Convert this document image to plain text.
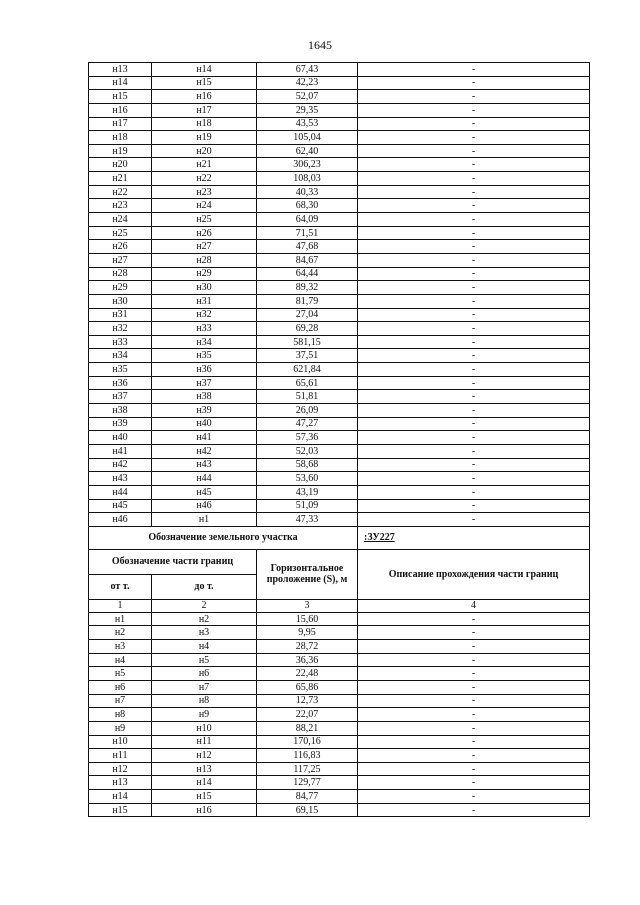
1645
н13	н14	67,43	-
н14	н15	42,23	-
н15	н16	52,07	-
н16	н17	29,35	-
н17	н18	43,53	-
н18	н19	105,04	-
н19	н20	62,40	-
н20	н21	306,23	-
н21	н22	108,03	-
н22	н23	40,33	-
н23	н24	68,30	-
н24	н25	64,09	-
н25	н26	71,51	-
н26	н27	47,68	-
н27	н28	84,67	-
н28	н29	64,44	-
н29	н30	89,32	-
н30	н31	81,79	-
н31	н32	27,04	-
н32	н33	69,28	-
н33	н34	581,15	-
н34	н35	37,51	-
н35	н36	621,84	-
н36	н37	65,61	-
н37	н38	51,81	-
н38	н39	26,09	-
н39	н40	47,27	-
н40	н41	57,36	-
н41	н42	52,03	-
н42	н43	58,68	-
н43	н44	53,60	-
н44	н45	43,19	-
н45	н46	51,09	-
н46	н1	47,33	-
Обозначение земельного участка			:ЗУ227
Обозначение части границ		Горизонтальное проложение (S), м	Описание прохождения части границ
от т.	до т.		
1	2	3	4
н1	н2	15,60	-
н2	н3	9,95	-
н3	н4	28,72	-
н4	н5	36,36	-
н5	н6	22,48	-
н6	н7	65,86	-
н7	н8	12,73	-
н8	н9	22,07	-
н9	н10	88,21	-
н10	н11	170,16	-
н11	н12	116,83	-
н12	н13	117,25	-
н13	н14	129,77	-
н14	н15	84,77	-
н15	н16	69,15	-
